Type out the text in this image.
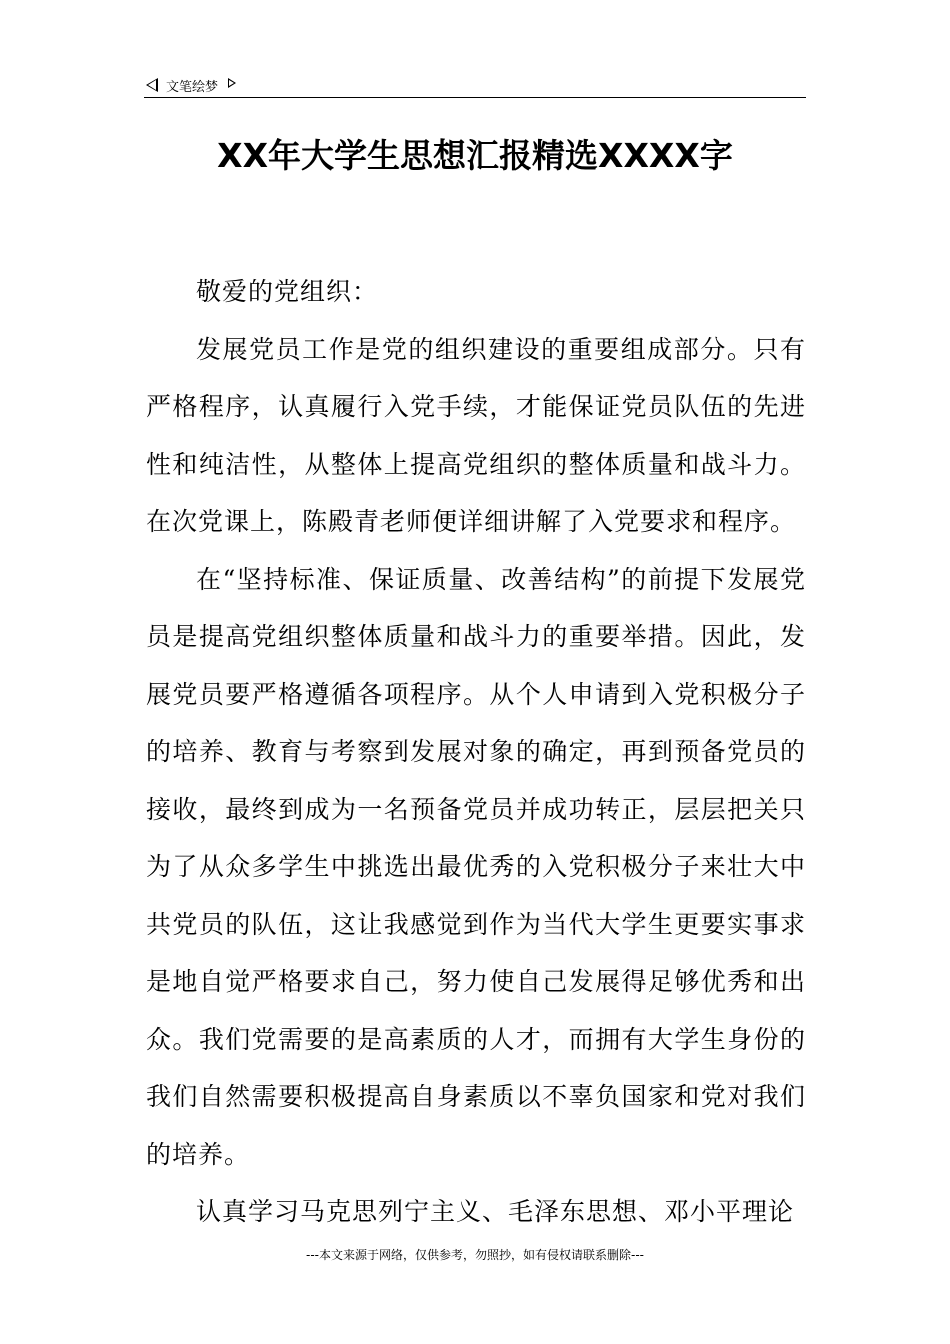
文笔绘梦
XX年大学生思想汇报精选XXXX字

敬爱的党组织：

发展党员工作是党的组织建设的重要组成部分。只有严格程序，认真履行入党手续，才能保证党员队伍的先进性和纯洁性，从整体上提高党组织的整体质量和战斗力。在次党课上，陈殿青老师便详细讲解了入党要求和程序。

在“坚持标准、保证质量、改善结构”的前提下发展党员是提高党组织整体质量和战斗力的重要举措。因此，发展党员要严格遵循各项程序。从个人申请到入党积极分子的培养、教育与考察到发展对象的确定，再到预备党员的接收，最终到成为一名预备党员并成功转正，层层把关只为了从众多学生中挑选出最优秀的入党积极分子来壮大中共党员的队伍，这让我感觉到作为当代大学生更要实事求是地自觉严格要求自己，努力使自己发展得足够优秀和出众。我们党需要的是高素质的人才，而拥有大学生身份的我们自然需要积极提高自身素质以不辜负国家和党对我们的培养。

认真学习马克思列宁主义、毛泽东思想、邓小平理论

---本文来源于网络，仅供参考，勿照抄，如有侵权请联系删除---
